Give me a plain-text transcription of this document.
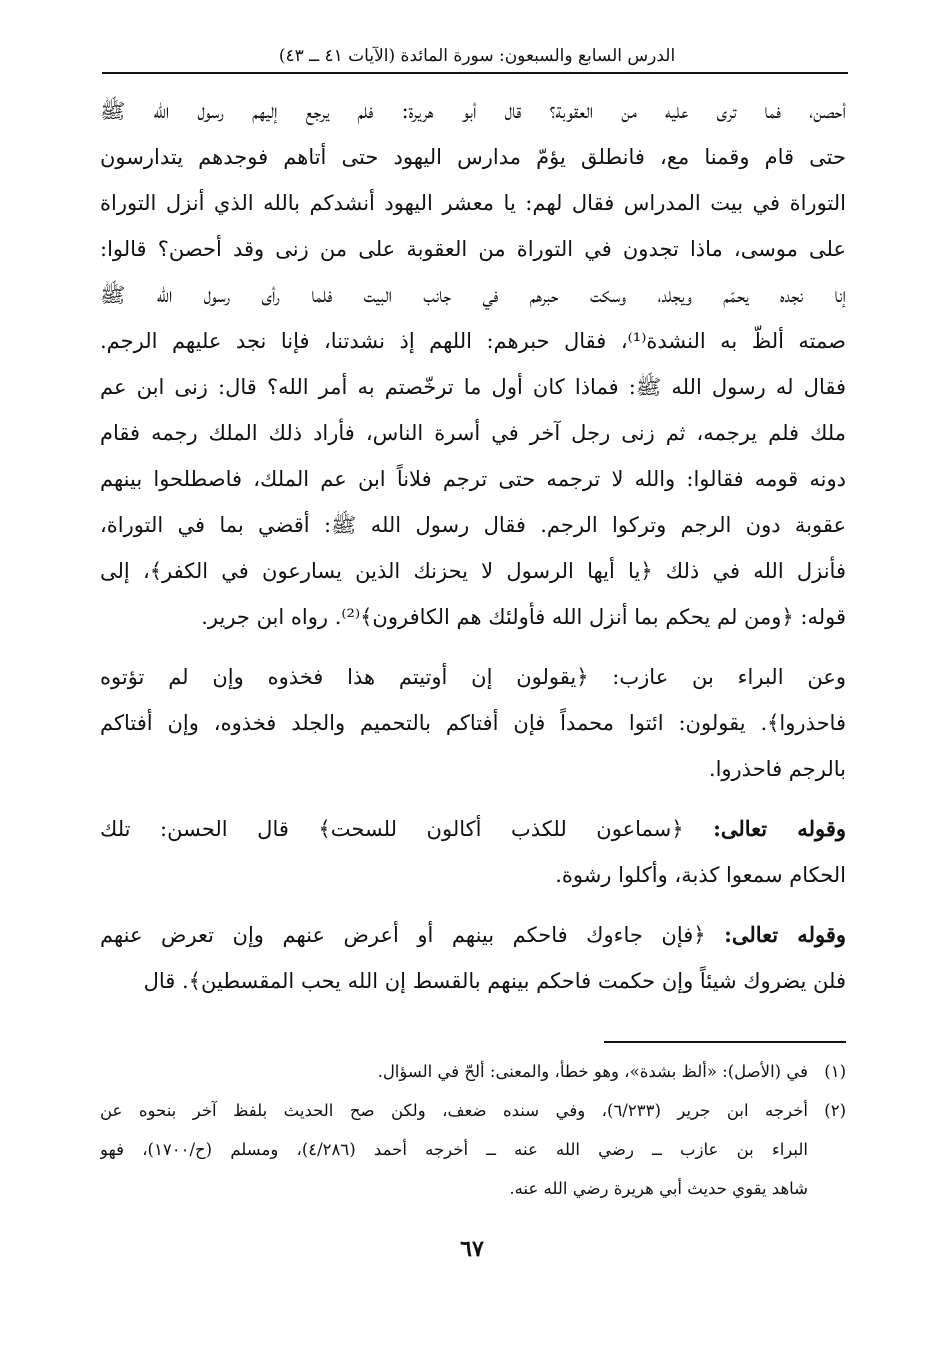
الدرس السابع والسبعون: سورة المائدة (الآيات ٤١ ــ ٤٣)

أحصن، فما ترى عليه من العقوبة؟ قال أبو هريرة: فلم يرجع إليهم رسول الله ﷺ
حتى قام وقمنا مع، فانطلق يؤمّ مدارس اليهود حتى أتاهم فوجدهم يتدارسون
التوراة في بيت المدراس فقال لهم: يا معشر اليهود أنشدكم بالله الذي أنزل التوراة
على موسى، ماذا تجدون في التوراة من العقوبة على من زنى وقد أحصن؟ قالوا:
إنا نجده يحمّم ويجلد، وسكت حبرهم في جانب البيت فلما رأى رسول الله ﷺ
صمته ألظّ به النشدة⁽¹⁾، فقال حبرهم: اللهم إذ نشدتنا، فإنا نجد عليهم الرجم.
فقال له رسول الله ﷺ: فماذا كان أول ما ترخّصتم به أمر الله؟ قال: زنى ابن عم
ملك فلم يرجمه، ثم زنى رجل آخر في أسرة الناس، فأراد ذلك الملك رجمه فقام
دونه قومه فقالوا: والله لا ترجمه حتى ترجم فلاناً ابن عم الملك، فاصطلحوا بينهم
عقوبة دون الرجم وتركوا الرجم. فقال رسول الله ﷺ: أقضي بما في التوراة،
فأنزل الله في ذلك ﴿يا أيها الرسول لا يحزنك الذين يسارعون في الكفر﴾، إلى
قوله: ﴿ومن لم يحكم بما أنزل الله فأولئك هم الكافرون﴾⁽²⁾. رواه ابن جرير.

وعن البراء بن عازب: ﴿يقولون إن أوتيتم هذا فخذوه وإن لم تؤتوه
فاحذروا﴾. يقولون: ائتوا محمداً فإن أفتاكم بالتحميم والجلد فخذوه، وإن أفتاكم
بالرجم فاحذروا.

وقوله تعالى: ﴿سماعون للكذب أكالون للسحت﴾ قال الحسن: تلك
الحكام سمعوا كذبة، وأكلوا رشوة.

وقوله تعالى: ﴿فإن جاءوك فاحكم بينهم أو أعرض عنهم وإن تعرض عنهم
فلن يضروك شيئاً وإن حكمت فاحكم بينهم بالقسط إن الله يحب المقسطين﴾. قال

(١)في (الأصل): «ألظ بشدة»، وهو خطأ، والمعنى: ألحّ في السؤال.
(٢)أخرجه ابن جرير (٦/٢٣٣)، وفي سنده ضعف، ولكن صح الحديث بلفظ آخر بنحوه عن
البراء بن عازب ــ رضي الله عنه ــ أخرجه أحمد (٤/٢٨٦)، ومسلم (ح/١٧٠٠)، فهو
شاهد يقوي حديث أبي هريرة رضي الله عنه.
٦٧
